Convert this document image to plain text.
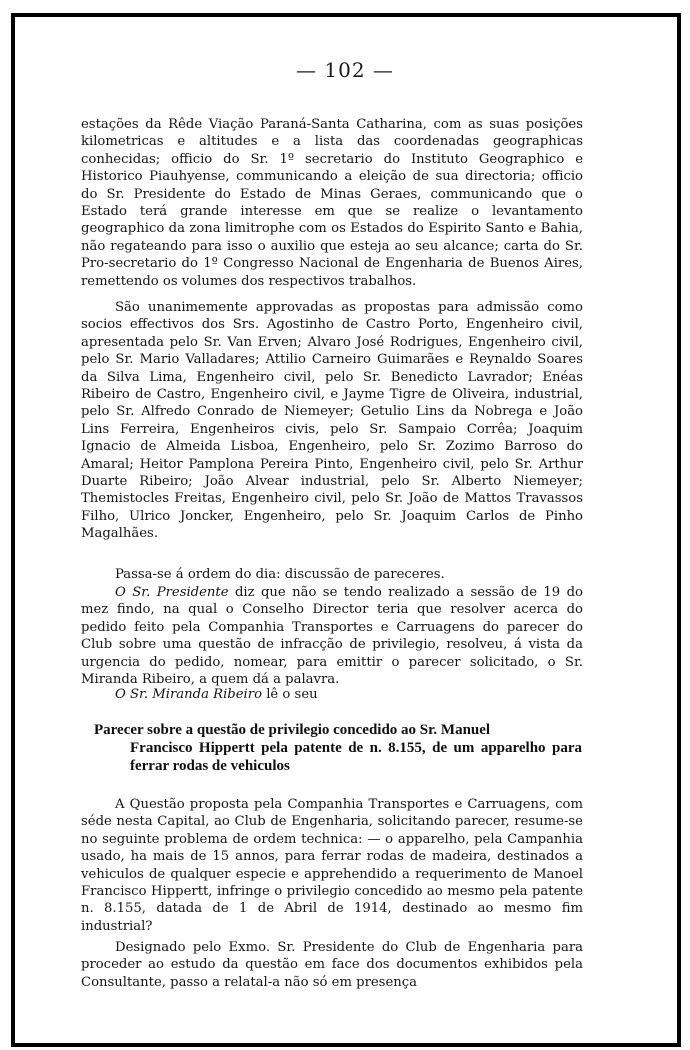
— 102 —

estações da Rêde Viação Paraná-Santa Catharina, com as suas posições kilometricas e altitudes e a lista das coordenadas geographicas conhecidas; officio do Sr. 1º secretario do Instituto Geographico e Historico Piauhyense, communicando a eleição de sua directoria; officio do Sr. Presidente do Estado de Minas Geraes, communicando que o Estado terá grande interesse em que se realize o levantamento geographico da zona limitrophe com os Estados do Espirito Santo e Bahia, não regateando para isso o auxilio que esteja ao seu alcance; carta do Sr. Pro-secretario do 1º Congresso Nacional de Engenharia de Buenos Aires, remettendo os volumes dos respectivos trabalhos.

São unanimemente approvadas as propostas para admissão como socios effectivos dos Srs. Agostinho de Castro Porto, Engenheiro civil, apresentada pelo Sr. Van Erven; Alvaro José Rodrigues, Engenheiro civil, pelo Sr. Mario Valladares; Attilio Carneiro Guimarães e Reynaldo Soares da Silva Lima, Engenheiro civil, pelo Sr. Benedicto Lavrador; Enéas Ribeiro de Castro, Engenheiro civil, e Jayme Tigre de Oliveira, industrial, pelo Sr. Alfredo Conrado de Niemeyer; Getulio Lins da Nobrega e João Lins Ferreira, Engenheiros civis, pelo Sr. Sampaio Corrêa; Joaquim Ignacio de Almeida Lisboa, Engenheiro, pelo Sr. Zozimo Barroso do Amaral; Heitor Pamplona Pereira Pinto, Engenheiro civil, pelo Sr. Arthur Duarte Ribeiro; João Alvear industrial, pelo Sr. Alberto Niemeyer; Themistocles Freitas, Engenheiro civil, pelo Sr. João de Mattos Travassos Filho, Ulrico Joncker, Engenheiro, pelo Sr. Joaquim Carlos de Pinho Magalhães.

Passa-se á ordem do dia: discussão de pareceres.

O Sr. Presidente diz que não se tendo realizado a sessão de 19 do mez findo, na qual o Conselho Director teria que resolver acerca do pedido feito pela Companhia Transportes e Carruagens do parecer do Club sobre uma questão de infracção de privilegio, resolveu, á vista da urgencia do pedido, nomear, para emittir o parecer solicitado, o Sr. Miranda Ribeiro, a quem dá a palavra.

O Sr. Miranda Ribeiro lê o seu

Parecer sobre a questão de privilegio concedido ao Sr. Manuel
Francisco Hippertt pela patente de n. 8.155, de um apparelho para ferrar rodas de vehiculos

A Questão proposta pela Companhia Transportes e Carruagens, com séde nesta Capital, ao Club de Engenharia, solicitando parecer, resume-se no seguinte problema de ordem technica: — o apparelho, pela Campanhia usado, ha mais de 15 annos, para ferrar rodas de madeira, destinados a vehiculos de qualquer especie e apprehendido a requerimento de Manoel Francisco Hippertt, infringe o privilegio concedido ao mesmo pela patente n. 8.155, datada de 1 de Abril de 1914, destinado ao mesmo fim industrial?

Designado pelo Exmo. Sr. Presidente do Club de Engenharia para proceder ao estudo da questão em face dos documentos exhibidos pela Consultante, passo a relatal-a não só em presença
